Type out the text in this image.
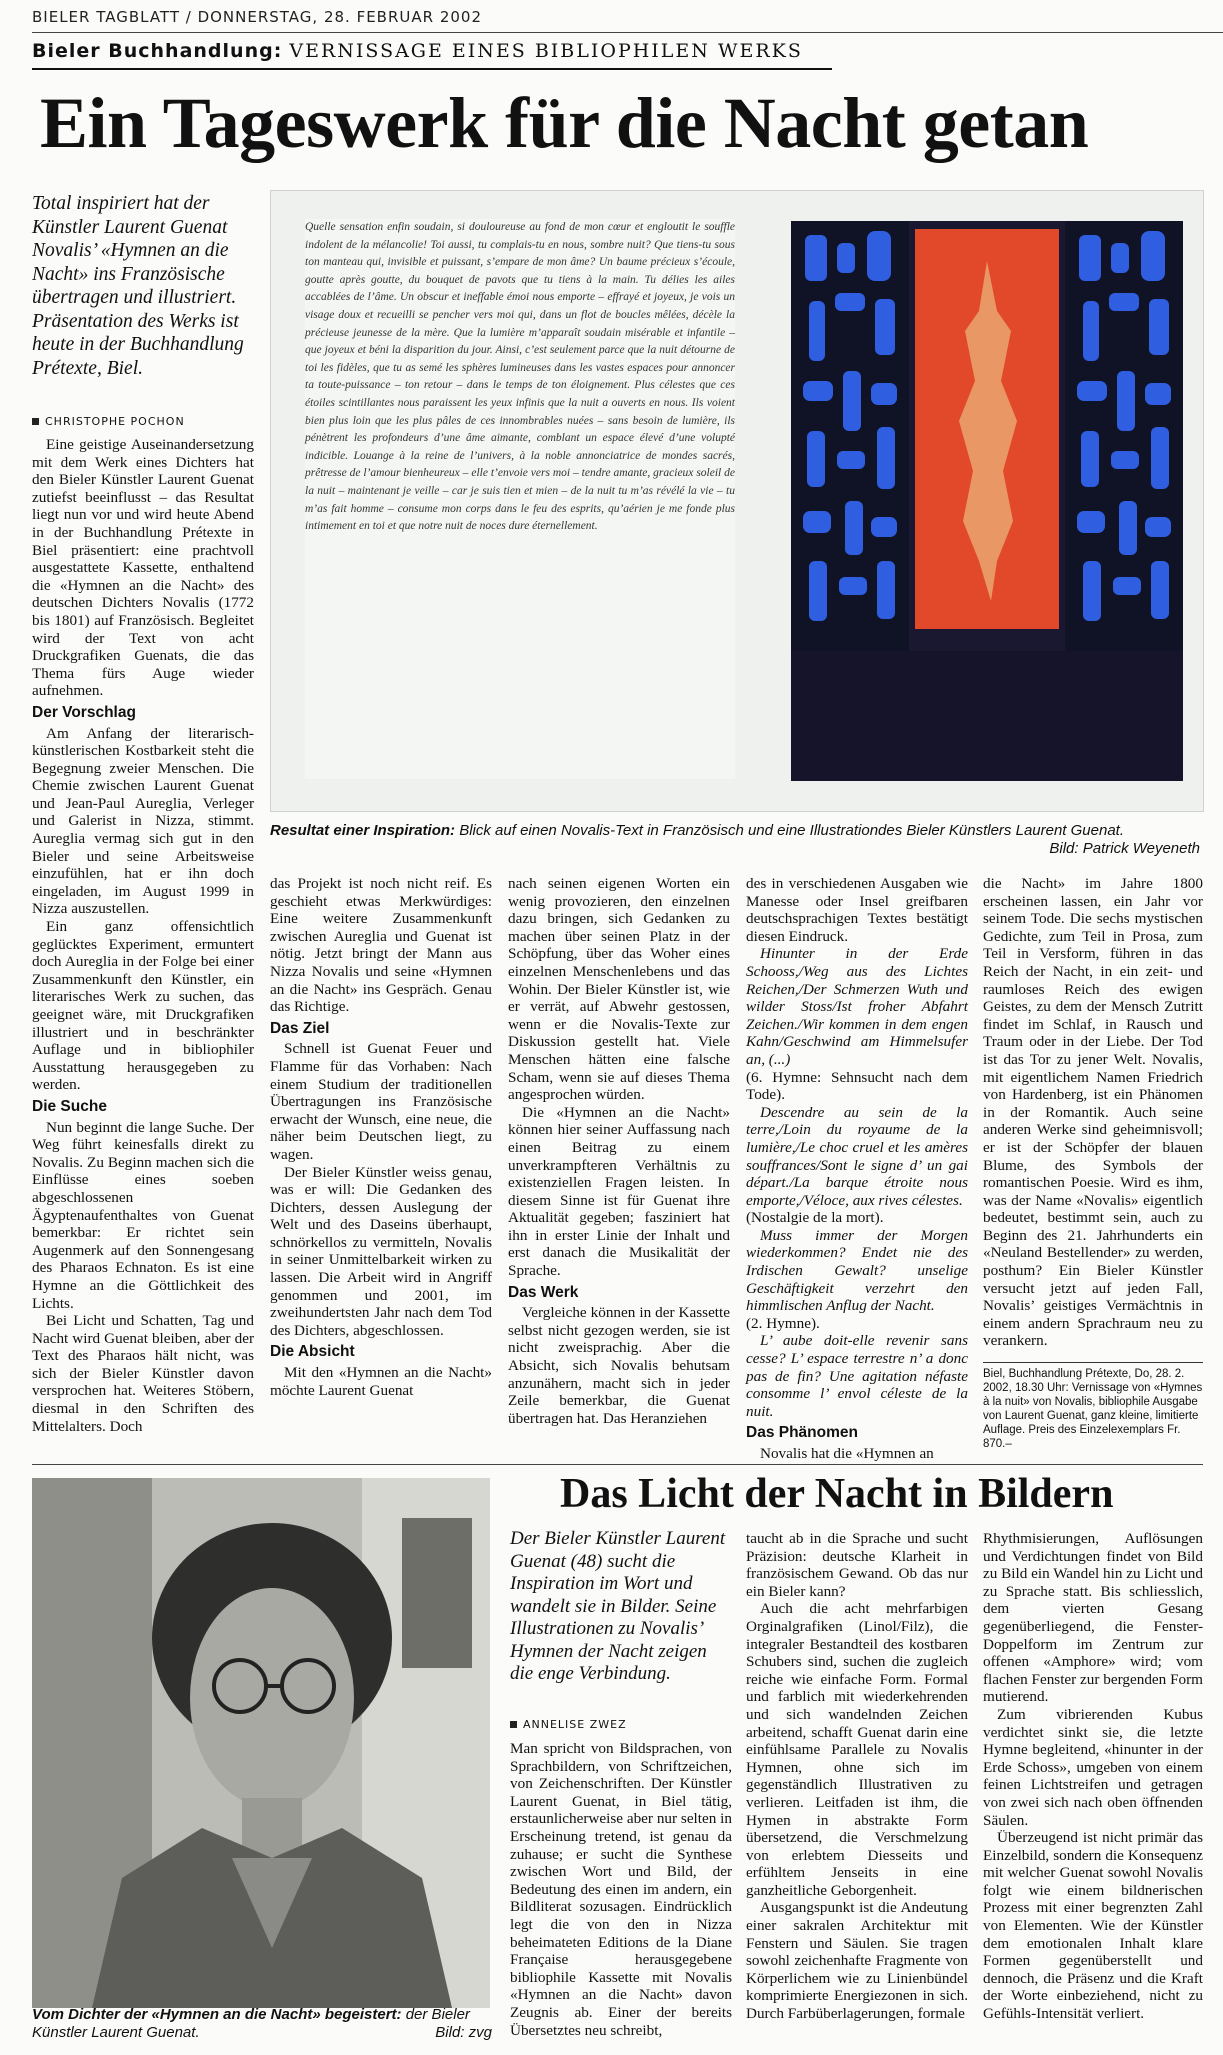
BIELER TAGBLATT / DONNERSTAG, 28. FEBRUAR 2002
Bieler Buchhandlung: VERNISSAGE EINES BIBLIOPHILEN WERKS
Ein Tageswerk für die Nacht getan
Total inspiriert hat der Künstler Laurent Guenat Novalis’ «Hymnen an die Nacht» ins Französische übertragen und illustriert. Präsentation des Werks ist heute in der Buchhandlung Prétexte, Biel.
CHRISTOPHE POCHON

Quelle sensation enfin soudain, si douloureuse au fond de mon cœur et engloutit le souffle indolent de la mélancolie! Toi aussi, tu complais-tu en nous, sombre nuit? Que tiens-tu sous ton manteau qui, invisible et puissant, s’empare de mon âme? Un baume précieux s’écoule, goutte après goutte, du bouquet de pavots que tu tiens à la main. Tu délies les ailes accablées de l’âme. Un obscur et ineffable émoi nous emporte – effrayé et joyeux, je vois un visage doux et recueilli se pencher vers moi qui, dans un flot de boucles mêlées, décèle la précieuse jeunesse de la mère. Que la lumière m’apparaît soudain misérable et infantile – que joyeux et béni la disparition du jour. Ainsi, c’est seulement parce que la nuit détourne de toi les fidèles, que tu as semé les sphères lumineuses dans les vastes espaces pour annoncer ta toute-puissance – ton retour – dans le temps de ton éloignement. Plus célestes que ces étoiles scintillantes nous paraissent les yeux infinis que la nuit a ouverts en nous. Ils voient bien plus loin que les plus pâles de ces innombrables nuées – sans besoin de lumière, ils pénètrent les profondeurs d’une âme aimante, comblant un espace élevé d’une volupté indicible. Louange à la reine de l’univers, à la noble annonciatrice de mondes sacrés, prêtresse de l’amour bienheureux – elle t’envoie vers moi – tendre amante, gracieux soleil de la nuit – maintenant je veille – car je suis tien et mien – de la nuit tu m’as révélé la vie – tu m’as fait homme – consume mon corps dans le feu des esprits, qu’aérien je me fonde plus intimement en toi et que notre nuit de noces dure éternellement.

Resultat einer Inspiration: Blick auf einen Novalis-Text in Französisch und eine Illustrationdes Bieler Künstlers Laurent Guenat.
Bild: Patrick Weyeneth

Eine geistige Auseinandersetzung mit dem Werk eines Dichters hat den Bieler Künstler Laurent Guenat zutiefst beeinflusst – das Resultat liegt nun vor und wird heute Abend in der Buchhandlung Prétexte in Biel präsentiert: eine prachtvoll ausgestattete Kassette, enthaltend die «Hymnen an die Nacht» des deutschen Dichters Novalis (1772 bis 1801) auf Französisch. Begleitet wird der Text von acht Druckgrafiken Guenats, die das Thema fürs Auge wieder aufnehmen.

Der Vorschlag

Am Anfang der literarisch-künstlerischen Kostbarkeit steht die Begegnung zweier Menschen. Die Chemie zwischen Laurent Guenat und Jean-Paul Aureglia, Verleger und Galerist in Nizza, stimmt. Aureglia vermag sich gut in den Bieler und seine Arbeitsweise einzufühlen, hat er ihn doch eingeladen, im August 1999 in Nizza auszustellen.

Ein ganz offensichtlich geglücktes Experiment, ermuntert doch Aureglia in der Folge bei einer Zusammenkunft den Künstler, ein literarisches Werk zu suchen, das geeignet wäre, mit Druckgrafiken illustriert und in beschränkter Auflage und in bibliophiler Ausstattung herausgegeben zu werden.

Die Suche

Nun beginnt die lange Suche. Der Weg führt keinesfalls direkt zu Novalis. Zu Beginn machen sich die Einflüsse eines soeben abgeschlossenen Ägyptenaufenthaltes von Guenat bemerkbar: Er richtet sein Augenmerk auf den Sonnengesang des Pharaos Echnaton. Es ist eine Hymne an die Göttlichkeit des Lichts.

Bei Licht und Schatten, Tag und Nacht wird Guenat bleiben, aber der Text des Pharaos hält nicht, was sich der Bieler Künstler davon versprochen hat. Weiteres Stöbern, diesmal in den Schriften des Mittelalters. Doch

das Projekt ist noch nicht reif. Es geschieht etwas Merkwürdiges: Eine weitere Zusammenkunft zwischen Aureglia und Guenat ist nötig. Jetzt bringt der Mann aus Nizza Novalis und seine «Hymnen an die Nacht» ins Gespräch. Genau das Richtige.

Das Ziel

Schnell ist Guenat Feuer und Flamme für das Vorhaben: Nach einem Studium der traditionellen Übertragungen ins Französische erwacht der Wunsch, eine neue, die näher beim Deutschen liegt, zu wagen.

Der Bieler Künstler weiss genau, was er will: Die Gedanken des Dichters, dessen Auslegung der Welt und des Daseins überhaupt, schnörkellos zu vermitteln, Novalis in seiner Unmittelbarkeit wirken zu lassen. Die Arbeit wird in Angriff genommen und 2001, im zweihundertsten Jahr nach dem Tod des Dichters, abgeschlossen.

Die Absicht

Mit den «Hymnen an die Nacht» möchte Laurent Guenat

nach seinen eigenen Worten ein wenig provozieren, den einzelnen dazu bringen, sich Gedanken zu machen über seinen Platz in der Schöpfung, über das Woher eines einzelnen Menschenlebens und das Wohin. Der Bieler Künstler ist, wie er verrät, auf Abwehr gestossen, wenn er die Novalis-Texte zur Diskussion gestellt hat. Viele Menschen hätten eine falsche Scham, wenn sie auf dieses Thema angesprochen würden.

Die «Hymnen an die Nacht» können hier seiner Auffassung nach einen Beitrag zu einem unverkrampfteren Verhältnis zu existenziellen Fragen leisten. In diesem Sinne ist für Guenat ihre Aktualität gegeben; fasziniert hat ihn in erster Linie der Inhalt und erst danach die Musikalität der Sprache.

Das Werk

Vergleiche können in der Kassette selbst nicht gezogen werden, sie ist nicht zweisprachig. Aber die Absicht, sich Novalis behutsam anzunähern, macht sich in jeder Zeile bemerkbar, die Guenat übertragen hat. Das Heranziehen

des in verschiedenen Ausgaben wie Manesse oder Insel greifbaren deutschsprachigen Textes bestätigt diesen Eindruck.

Hinunter in der Erde Schooss,/Weg aus des Lichtes Reichen,/Der Schmerzen Wuth und wilder Stoss/Ist froher Abfahrt Zeichen./Wir kommen in dem engen Kahn/Geschwind am Himmelsufer an, (...)

(6. Hymne: Sehnsucht nach dem Tode).

Descendre au sein de la terre,/Loin du royaume de la lumière,/Le choc cruel et les amères souffrances/Sont le signe d’ un gai départ./La barque étroite nous emporte,/Véloce, aux rives célestes.

(Nostalgie de la mort).

Muss immer der Morgen wiederkommen? Endet nie des Irdischen Gewalt? unselige Geschäftigkeit verzehrt den himmlischen Anflug der Nacht.

(2. Hymne).

L’ aube doit-elle revenir sans cesse? L’ espace terrestre n’ a donc pas de fin? Une agitation néfaste consomme l’ envol céleste de la nuit.

Das Phänomen

Novalis hat die «Hymnen an

die Nacht» im Jahre 1800 erscheinen lassen, ein Jahr vor seinem Tode. Die sechs mystischen Gedichte, zum Teil in Prosa, zum Teil in Versform, führen in das Reich der Nacht, in ein zeit- und raumloses Reich des ewigen Geistes, zu dem der Mensch Zutritt findet im Schlaf, in Rausch und Traum oder in der Liebe. Der Tod ist das Tor zu jener Welt. Novalis, mit eigentlichem Namen Friedrich von Hardenberg, ist ein Phänomen in der Romantik. Auch seine anderen Werke sind geheimnisvoll; er ist der Schöpfer der blauen Blume, des Symbols der romantischen Poesie. Wird es ihm, was der Name «Novalis» eigentlich bedeutet, bestimmt sein, auch zu Beginn des 21. Jahrhunderts ein «Neuland Bestellender» zu werden, posthum? Ein Bieler Künstler versucht jetzt auf jeden Fall, Novalis’ geistiges Vermächtnis in einem andern Sprachraum neu zu verankern.

Biel, Buchhandlung Prétexte, Do, 28. 2. 2002, 18.30 Uhr: Vernissage von «Hymnes à la nuit» von Novalis, bibliophile Ausgabe von Laurent Guenat, ganz kleine, limitierte Auflage. Preis des Einzelexemplars Fr. 870.–
Vom Dichter der «Hymnen an die Nacht» begeistert: der Bieler Künstler Laurent Guenat.	Bild: zvg
Das Licht der Nacht in Bildern
Der Bieler Künstler Laurent Guenat (48) sucht die Inspiration im Wort und wandelt sie in Bilder. Seine Illustrationen zu Novalis’ Hymnen der Nacht zeigen die enge Verbindung.
ANNELISE ZWEZ

Man spricht von Bildsprachen, von Sprachbildern, von Schriftzeichen, von Zeichenschriften. Der Künstler Laurent Guenat, in Biel tätig, erstaunlicherweise aber nur selten in Erscheinung tretend, ist genau da zuhause; er sucht die Synthese zwischen Wort und Bild, der Bedeutung des einen im andern, ein Bildliterat sozusagen. Eindrücklich legt die von den in Nizza beheimateten Editions de la Diane Française herausgegebene bibliophile Kassette mit Novalis «Hymnen an die Nacht» davon Zeugnis ab. Einer der bereits Übersetztes neu schreibt,

taucht ab in die Sprache und sucht Präzision: deutsche Klarheit in französischem Gewand. Ob das nur ein Bieler kann?

Auch die acht mehrfarbigen Orginalgrafiken (Linol/Filz), die integraler Bestandteil des kostbaren Schubers sind, suchen die zugleich reiche wie einfache Form. Formal und farblich mit wiederkehrenden und sich wandelnden Zeichen arbeitend, schafft Guenat darin eine einfühlsame Parallele zu Novalis Hymnen, ohne sich im gegenständlich Illustrativen zu verlieren. Leitfaden ist ihm, die Hymen in abstrakte Form übersetzend, die Verschmelzung von erlebtem Diesseits und erfühltem Jenseits in eine ganzheitliche Geborgenheit.

Ausgangspunkt ist die Andeutung einer sakralen Architektur mit Fenstern und Säulen. Sie tragen sowohl zeichenhafte Fragmente von Körperlichem wie zu Linienbündel komprimierte Energiezonen in sich. Durch Farbüberlagerungen, formale

Rhythmisierungen, Auflösungen und Verdichtungen findet von Bild zu Bild ein Wandel hin zu Licht und zu Sprache statt. Bis schliesslich, dem vierten Gesang gegenüberliegend, die Fenster-Doppelform im Zentrum zur offenen «Amphore» wird; vom flachen Fenster zur bergenden Form mutierend.

Zum vibrierenden Kubus verdichtet sinkt sie, die letzte Hymne begleitend, «hinunter in der Erde Schoss», umgeben von einem feinen Lichtstreifen und getragen von zwei sich nach oben öffnenden Säulen.

Überzeugend ist nicht primär das Einzelbild, sondern die Konsequenz mit welcher Guenat sowohl Novalis folgt wie einem bildnerischen Prozess mit einer begrenzten Zahl von Elementen. Wie der Künstler dem emotionalen Inhalt klare Formen gegenüberstellt und dennoch, die Präsenz und die Kraft der Worte einbeziehend, nicht zu Gefühls-Intensität verliert.
